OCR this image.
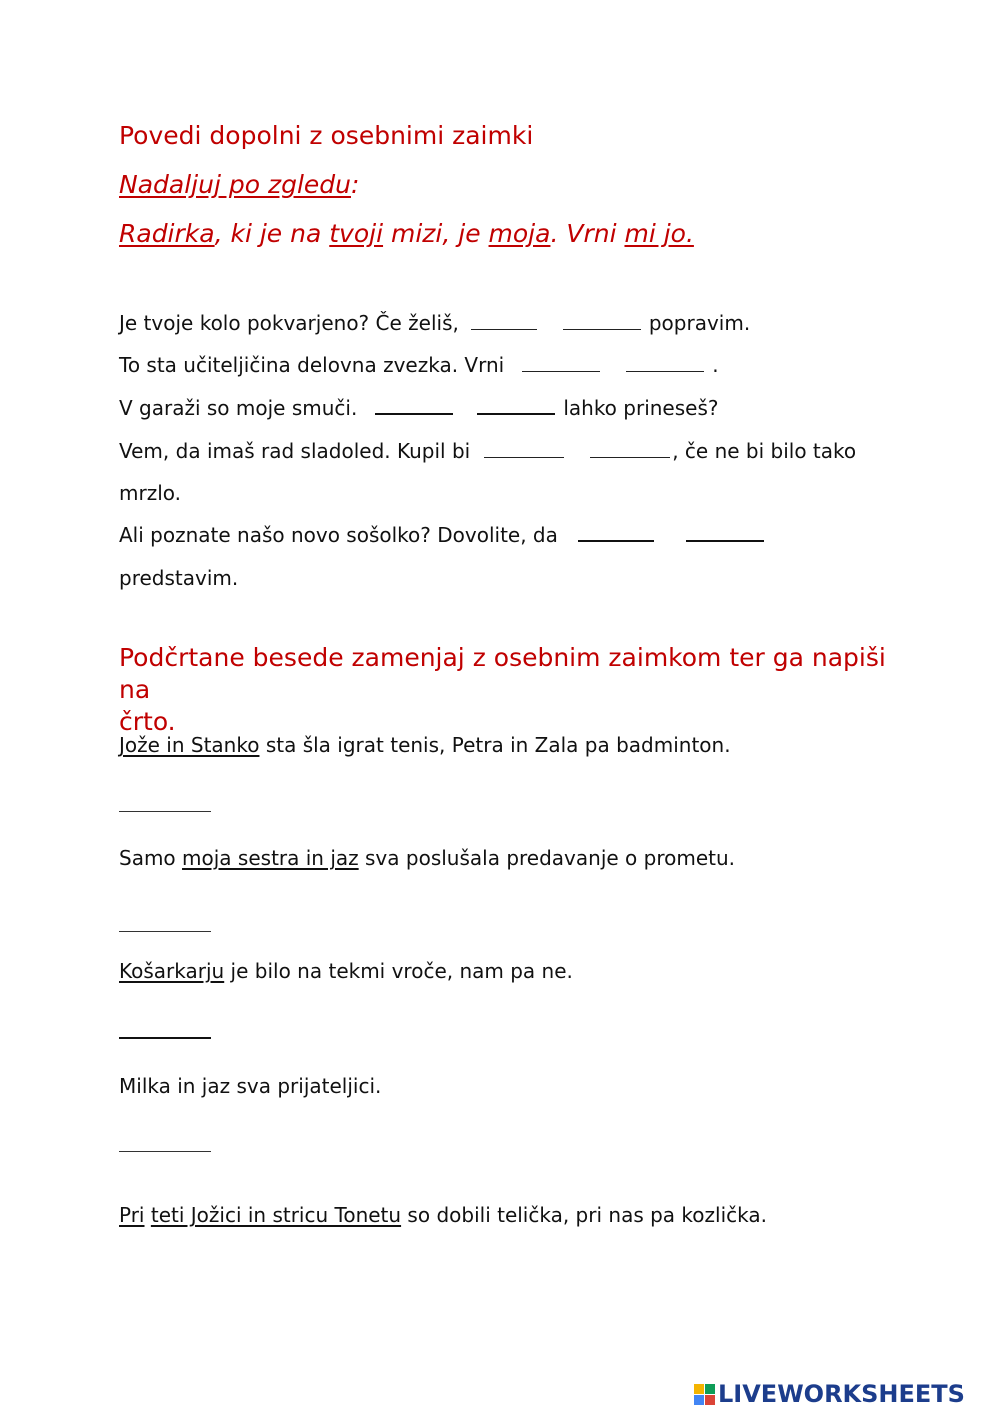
Povedi dopolni z osebnimi zaimki
Nadaljuj po zgledu:
Radirka, ki je na tvoji mizi, je moja. Vrni mi jo.
Je tvoje kolo pokvarjeno? Če želiš,	popravim.
To sta učiteljičina delovna zvezka. Vrni	.
V garaži so moje smuči.	lahko prineseš?
Vem, da imaš rad sladoled. Kupil bi	, če ne bi bilo tako
mrzlo.
Ali poznate našo novo sošolko? Dovolite, da
predstavim.
Podčrtane besede zamenjaj z osebnim zaimkom ter ga napiši na
črto.
Jože in Stanko sta šla igrat tenis, Petra in Zala pa badminton.
Samo moja sestra in jaz sva poslušala predavanje o prometu.
Košarkarju je bilo na tekmi vroče, nam pa ne.
Milka in jaz sva prijateljici.
Pri teti Jožici in stricu Tonetu so dobili telička, pri nas pa kozlička.
LIVEWORKSHEETS
